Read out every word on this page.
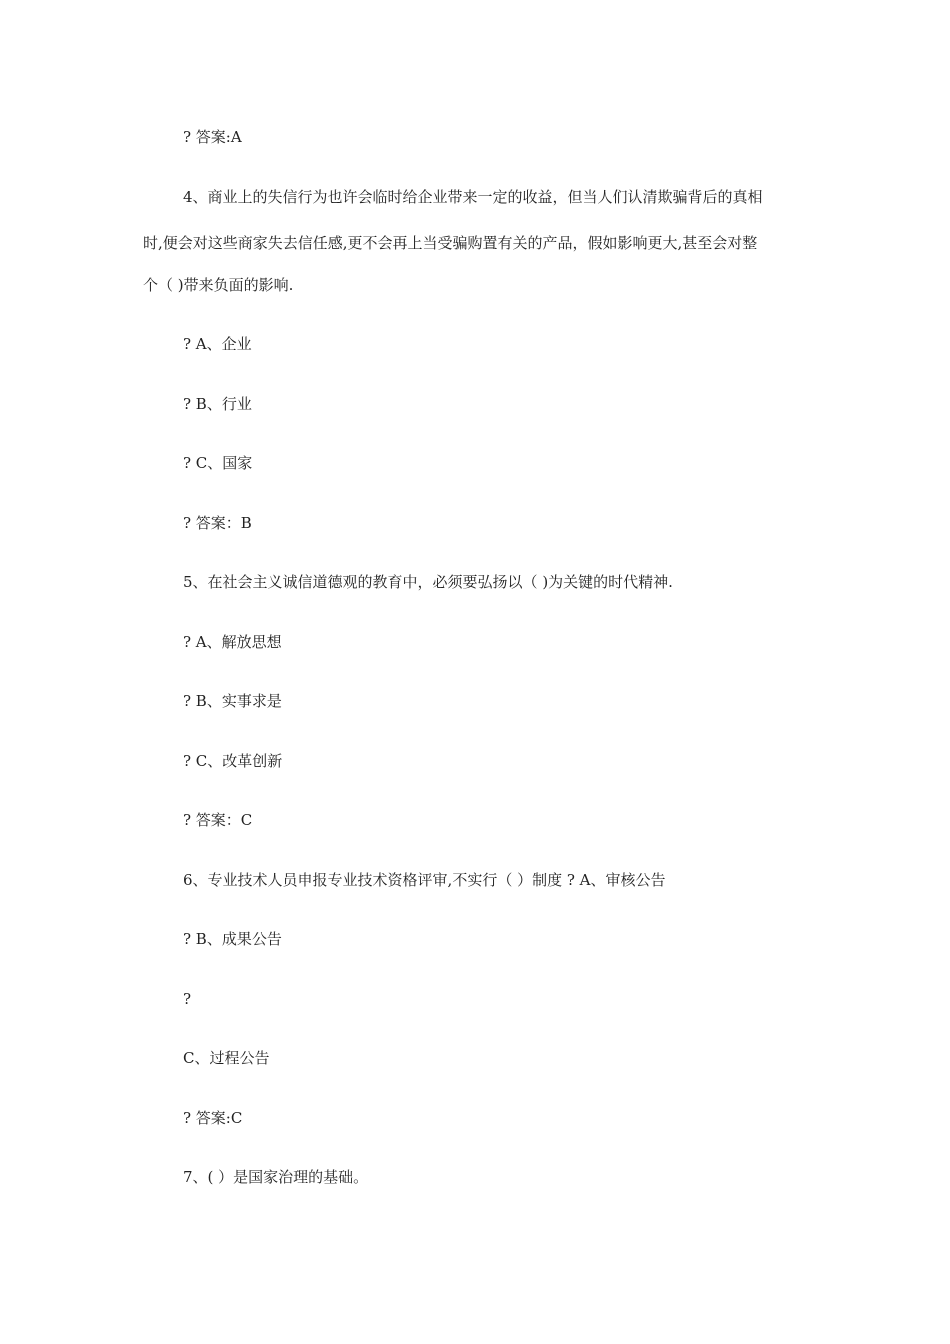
? 答案:A
4、商业上的失信行为也许会临时给企业带来一定的收益，但当人们认清欺骗背后的真相
时,便会对这些商家失去信任感,更不会再上当受骗购置有关的产品，假如影响更大,甚至会对整
个（ )带来负面的影响.
? A、企业
? B、行业
? C、国家
? 答案：B
5、在社会主义诚信道德观的教育中，必须要弘扬以（ )为关键的时代精神.
? A、解放思想
? B、实事求是
? C、改革创新
? 答案：C
6、专业技术人员申报专业技术资格评审,不实行（ ）制度 ? A、审核公告
? B、成果公告
?
C、过程公告
? 答案:C
7、( ）是国家治理的基础。
